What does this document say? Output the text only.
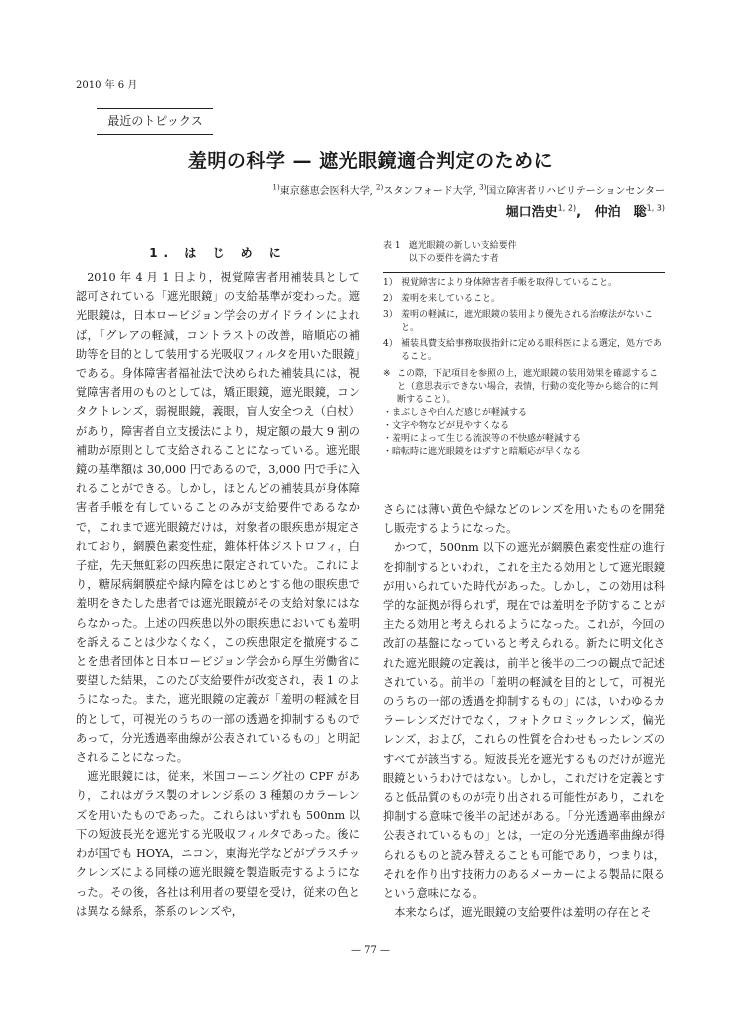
2010 年 6 月
最近のトピックス
羞明の科学 — 遮光眼鏡適合判定のために
$^{1)}$東京慈恵会医科大学, $^{2)}$スタンフォード大学, $^{3)}$国立障害者リハビリテーションセンター
堀口浩史$^{1, 2)}$,   仲泊　聡$^{1, 3)}$
1. は じ め に

2010 年 4 月 1 日より，視覚障害者用補装具として認可されている「遮光眼鏡」の支給基準が変わった。遮光眼鏡は，日本ロービジョン学会のガイドラインによれば，「グレアの軽減，コントラストの改善，暗順応の補助等を目的として装用する光吸収フィルタを用いた眼鏡」である。身体障害者福祉法で決められた補装具には，視覚障害者用のものとしては，矯正眼鏡，遮光眼鏡，コンタクトレンズ，弱視眼鏡，義眼，盲人安全つえ（白杖）があり，障害者自立支援法により，規定額の最大 9 割の補助が原則として支給されることになっている。遮光眼鏡の基準額は 30,000 円であるので，3,000 円で手に入れることができる。しかし，ほとんどの補装具が身体障害者手帳を有していることのみが支給要件であるなかで，これまで遮光眼鏡だけは，対象者の眼疾患が規定されており，網膜色素変性症，錐体杆体ジストロフィ，白子症，先天無虹彩の四疾患に限定されていた。これにより，糖尿病網膜症や緑内障をはじめとする他の眼疾患で羞明をきたした患者では遮光眼鏡がその支給対象にはならなかった。上述の四疾患以外の眼疾患においても羞明を訴えることは少なくなく，この疾患限定を撤廃することを患者団体と日本ロービジョン学会から厚生労働省に要望した結果，このたび支給要件が改変され，表 1 のようになった。また，遮光眼鏡の定義が「羞明の軽減を目的として，可視光のうちの一部の透過を抑制するものであって，分光透過率曲線が公表されているもの」と明記されることになった。

遮光眼鏡には，従来，米国コーニング社の CPF があり，これはガラス製のオレンジ系の 3 種類のカラーレンズを用いたものであった。これらはいずれも 500nm 以下の短波長光を遮光する光吸収フィルタであった。後にわが国でも HOYA，ニコン，東海光学などがプラスチックレンズによる同様の遮光眼鏡を製造販売するようになった。その後，各社は利用者の要望を受け，従来の色とは異なる緑系，茶系のレンズや，

表 1 遮光眼鏡の新しい支給要件
以下の要件を満たす者
1） 視覚障害により身体障害者手帳を取得していること。
2） 羞明を来していること。
3） 羞明の軽減に，遮光眼鏡の装用より優先される治療法がないこと。
4） 補装具費支給事務取扱指針に定める眼科医による選定，処方であること。
※ この際，下記項目を参照の上，遮光眼鏡の装用効果を確認すること（意思表示できない場合，表情，行動の変化等から総合的に判断すること）。
・まぶしさや白んだ感じが軽減する
・文字や物などが見やすくなる
・羞明によって生じる流涙等の不快感が軽減する
・暗転時に遮光眼鏡をはずすと暗順応が早くなる

さらには薄い黄色や緑などのレンズを用いたものを開発し販売するようになった。

かつて，500nm 以下の遮光が網膜色素変性症の進行を抑制するといわれ，これを主たる効用として遮光眼鏡が用いられていた時代があった。しかし，この効用は科学的な証拠が得られず，現在では羞明を予防することが主たる効用と考えられるようになった。これが，今回の改訂の基盤になっていると考えられる。新たに明文化された遮光眼鏡の定義は，前半と後半の二つの観点で記述されている。前半の「羞明の軽減を目的として，可視光のうちの一部の透過を抑制するもの」には，いわゆるカラーレンズだけでなく，フォトクロミックレンズ，偏光レンズ，および，これらの性質を合わせもったレンズのすべてが該当する。短波長光を遮光するものだけが遮光眼鏡というわけではない。しかし，これだけを定義とすると低品質のものが売り出される可能性があり，これを抑制する意味で後半の記述がある。「分光透過率曲線が公表されているもの」とは，一定の分光透過率曲線が得られるものと読み替えることも可能であり，つまりは，それを作り出す技術力のあるメーカーによる製品に限るという意味になる。

本来ならば，遮光眼鏡の支給要件は羞明の存在とそ

— 77 —
